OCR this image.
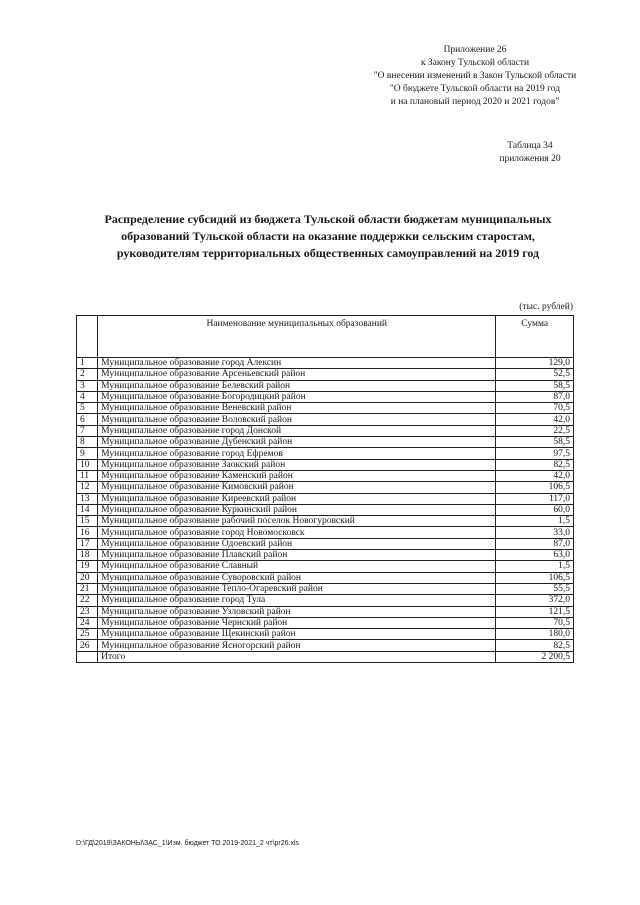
Приложение 26
к Закону Тульской области
"О внесении изменений в Закон Тульской области
"О бюджете Тульской области на 2019 год
и на плановый период 2020 и 2021 годов"
Таблица 34
приложения 20
Распределение субсидий из бюджета Тульской области бюджетам муниципальных
образований Тульской области на оказание поддержки сельским старостам,
руководителям территориальных общественных самоуправлений на 2019 год
(тыс. рублей)
	Наименование муниципальных образований	Сумма
1	Муниципальное образование город Алексин	129,0
2	Муниципальное образование Арсеньевский район	52,5
3	Муниципальное образование Белевский район	58,5
4	Муниципальное образование Богородицкий район	87,0
5	Муниципальное образование Веневский район	70,5
6	Муниципальное образование Воловский район	42,0
7	Муниципальное образование город Донской	22,5
8	Муниципальное образование Дубенский район	58,5
9	Муниципальное образование город Ефремов	97,5
10	Муниципальное образование Заокский район	82,5
11	Муниципальное образование Каменский район	42,0
12	Муниципальное образование Кимовский район	106,5
13	Муниципальное образование Киреевский район	117,0
14	Муниципальное образование Куркинский район	60,0
15	Муниципальное образование рабочий поселок Новогуровский	1,5
16	Муниципальное образование город Новомосковск	33,0
17	Муниципальное образование Одоевский район	87,0
18	Муниципальное образование Плавский район	63,0
19	Муниципальное образование Славный	1,5
20	Муниципальное образование Суворовский район	106,5
21	Муниципальное образование Тепло-Огаревский район	55,5
22	Муниципальное образование город Тула	372,0
23	Муниципальное образование Узловский район	121,5
24	Муниципальное образование Чернский район	70,5
25	Муниципальное образование Щекинский район	180,0
26	Муниципальное образование Ясногорский район	82,5
	Итого	2 200,5
D:\ГД\2019\ЗАКОНЫ\ЗАС_1\Изм. бюджет ТО 2019-2021_2 чт\pr26.xls
